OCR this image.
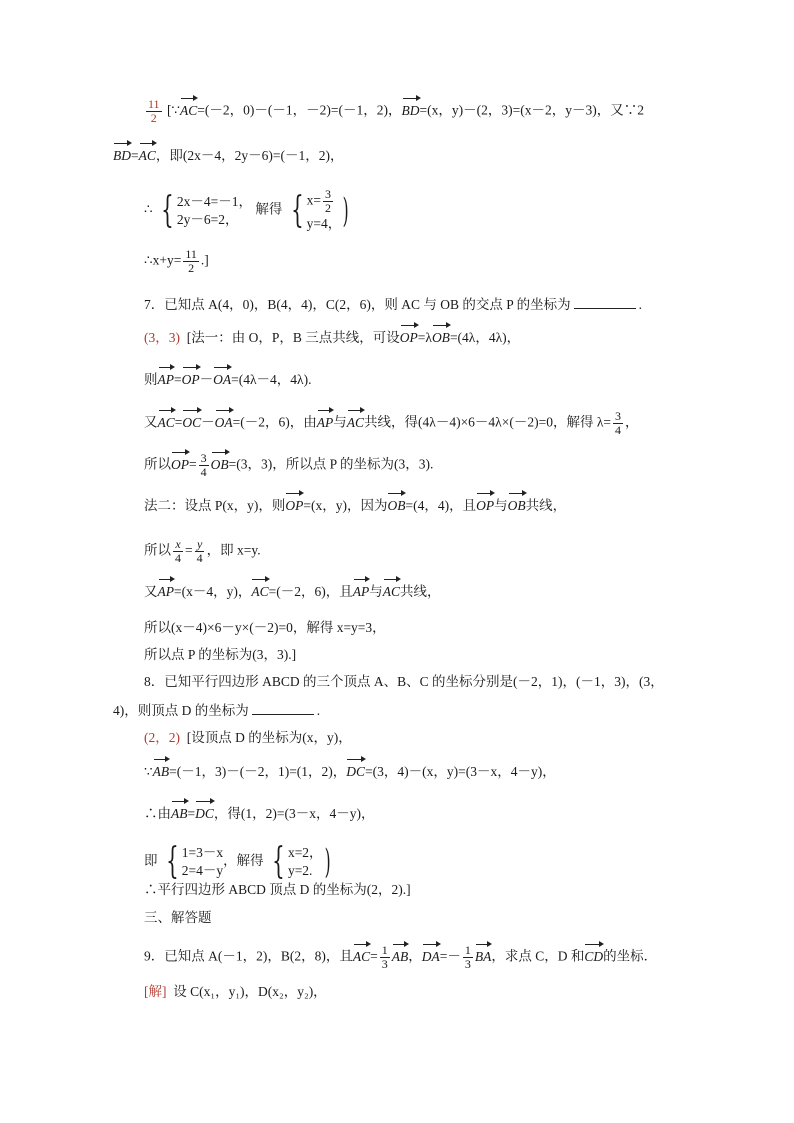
$\frac{11}{2}$ [∵AC=(－2，0)－(－1，－2)=(－1，2)，BD=(x，y)－(2，3)=(x－2，y－3)，又∵2
BD=AC，即(2x－4，2y－6)=(－1，2)，
∴ { 2x－4=－1，
2y－6=2，
解得 { $x= \frac{3}{2}$
y=4， )
∴x+y= $\frac{11}{2}$ .]
7．已知点 A(4，0)，B(4，4)，C(2，6)，则 AC 与 OB 的交点 P 的坐标为	.
(3，3) [法一：由 O，P，B 三点共线，可设OP=λOB=(4λ，4λ)，
则AP=OP－OA=(4λ－4，4λ).
又AC=OC－OA=(－2，6)，由AP与AC共线，得(4λ－4)×6－4λ×(－2)=0，解得 $\lambda= \frac{3}{4}$ ，
所以$OP= \frac{3}{4} OB=(3$，3)，所以点 P 的坐标为(3，3).
法二：设点 P(x，y)，则OP=(x，y)，因为OB=(4，4)，且OP与OB共线，
所以 $\frac{x}{4} = \frac{y}{4}$ ，即 x=y.
又AP=(x－4，y)，AC=(－2，6)，且AP与AC共线，
所以(x－4)×6－y×(－2)=0，解得 x=y=3，
所以点 P 的坐标为(3，3).]
8．已知平行四边形 ABCD 的三个顶点 A、B、C 的坐标分别是(－2，1)，(－1，3)，(3，
4)，则顶点 D 的坐标为	.
(2，2) [设顶点 D 的坐标为(x，y)，
∵AB=(－1，3)－(－2，1)=(1，2)，DC=(3，4)－(x，y)=(3－x，4－y)，
∴由AB=DC，得(1，2)=(3－x，4－y)，
即 { 1=3－x
2=4－y
，解得 { x=2，
y=2. )
∴平行四边形 ABCD 顶点 D 的坐标为(2，2).]
三、解答题
9．已知点 A(－1，2)，B(2，8)，且$AC= \frac{1}{3}$ AB，$DA=- \frac{1}{3}$ BA，求点 C，D 和CD的坐标．
[解] 设 C(x₁，y₁)，D(x₂，y₂)，
